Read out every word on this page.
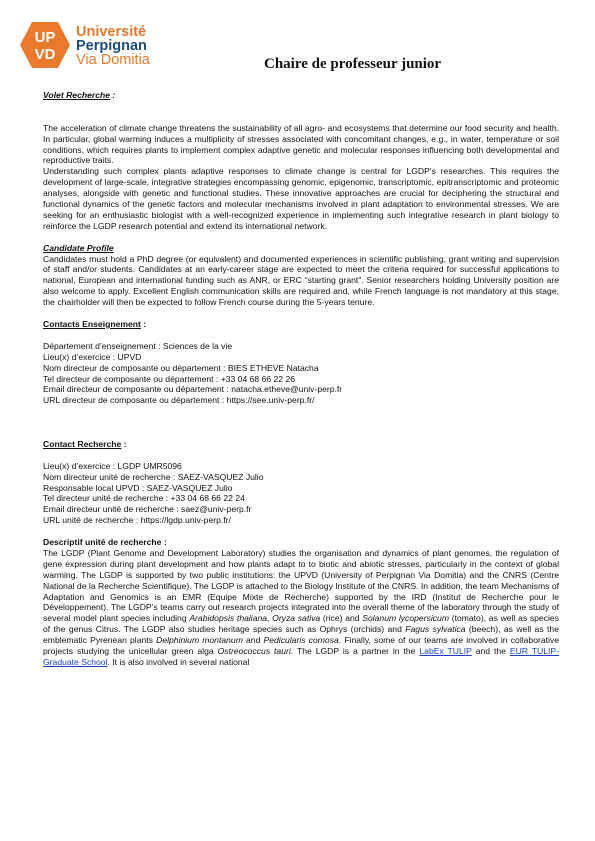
UP
VD
Université
Perpignan
Via Domitia	Chaire de professeur junior

Volet Recherche :

The acceleration of climate change threatens the sustainability of all agro- and ecosystems that determine our food security and health. In particular, global warming induces a multiplicity of stresses associated with concomitant changes, e.g., in water, temperature or soil conditions, which requires plants to implement complex adaptive genetic and molecular responses influencing both developmental and reproductive traits.

Understanding such complex plants adaptive responses to climate change is central for LGDP's researches. This requires the development of large-scale, integrative strategies encompassing genomic, epigenomic, transcriptomic, epitranscriptomic and proteomic analyses, alongside with genetic and functional studies. These innovative approaches are crucial for deciphering the structural and functional dynamics of the genetic factors and molecular mechanisms involved in plant adaptation to environmental stresses. We are seeking for an enthusiastic biologist with a well-recognized experience in implementing such integrative research in plant biology to reinforce the LGDP research potential and extend its international network.

Candidate Profile

Candidates must hold a PhD degree (or equivalent) and documented experiences in scientific publishing, grant writing and supervision of staff and/or students. Candidates at an early-career stage are expected to meet the criteria required for successful applications to national, European and international funding such as ANR, or ERC “starting grant”. Senior researchers holding University position are also welcome to apply. Excellent English communication skills are required and, while French language is not mandatory at this stage, the chairholder will then be expected to follow French course during the 5-years tenure.

Contacts Enseignement :

Département d’enseignement : Sciences de la vie

Lieu(x) d’exercice : UPVD

Nom directeur de composante ou département : BIES ETHEVE Natacha

Tel directeur de composante ou département : +33 04 68 66 22 26

Email directeur de composante ou département : natacha.etheve@univ-perp.fr

URL directeur de composante ou département : https://see.univ-perp.fr/

Contact Recherche :

Lieu(x) d’exercice : LGDP UMR5096

Nom directeur unité de recherche : SAEZ-VASQUEZ Julio

Responsable local UPVD : SAEZ-VASQUEZ Julio

Tel directeur unité de recherche : +33 04 68 66 22 24

Email directeur unité de recherche : saez@univ-perp.fr

URL unité de recherche : https://lgdp.univ-perp.fr/

Descriptif unité de recherche :

The LGDP (Plant Genome and Development Laboratory) studies the organisation and dynamics of plant genomes, the regulation of gene expression during plant development and how plants adapt to to biotic and abiotic stresses, particularly in the context of global warming. The LGDP is supported by two public institutions: the UPVD (University of Perpignan Via Domitia) and the CNRS (Centre National de la Recherche Scientifique). The LGDP is attached to the Biology Institute of the CNRS. In addition, the team Mechanisms of Adaptation and Genomics is an EMR (Equipe Mixte de Recherche) supported by the IRD (Institut de Recherche pour le Développement). The LGDP’s teams carry out research projects integrated into the overall theme of the laboratory through the study of several model plant species including Arabidopsis thaliana, Oryza sativa (rice) and Solanum lycopersicum (tomato), as well as species of the genus Citrus. The LGDP also studies heritage species such as Ophrys (orchids) and Fagus sylvatica (beech), as well as the emblematic Pyrenean plants Delphinium montanum and Pedicularis comosa. Finally, some of our teams are involved in collaborative projects studying the unicellular green alga Ostreococcus tauri. The LGDP is a partner in the LabEx TULIP and the EUR TULIP-Graduate School. It is also involved in several national
